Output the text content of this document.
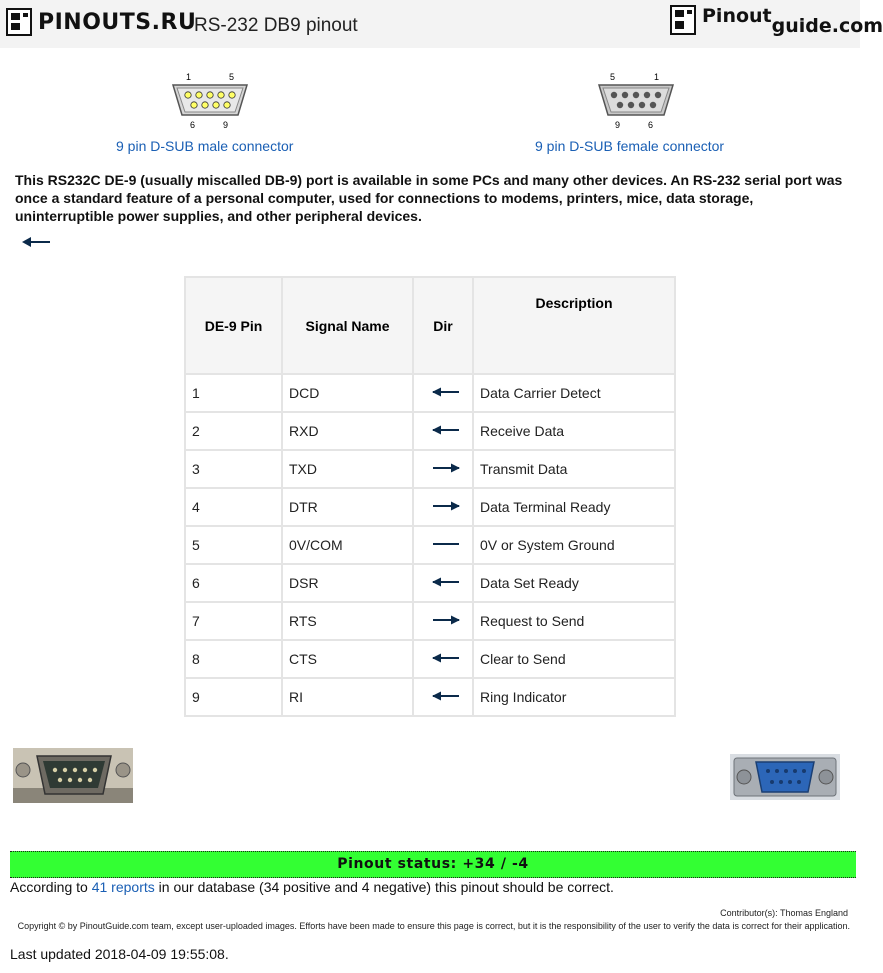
PINOUTS.RU
RS-232 DB9 pinout	Pinout guide.com
1	5
6	9
9 pin D-SUB male connector
5	1
9	6
9 pin D-SUB female connector

This RS232C DE-9 (usually miscalled DB-9) port is available in some PCs and many other devices. An RS-232 serial port was once a standard feature of a personal computer, used for connections to modems, printers, mice, data storage, uninterruptible power supplies, and other peripheral devices.

DE-9 Pin	Signal Name	Dir	Description
1	DCD		Data Carrier Detect
2	RXD		Receive Data
3	TXD		Transmit Data
4	DTR		Data Terminal Ready
5	0V/COM		0V or System Ground
6	DSR		Data Set Ready
7	RTS		Request to Send
8	CTS		Clear to Send
9	RI		Ring Indicator
Pinout status: +34 / -4
According to 41 reports in our database (34 positive and 4 negative) this pinout should be correct.
Contributor(s): Thomas England
Copyright © by PinoutGuide.com team, except user-uploaded images. Efforts have been made to ensure this page is correct, but it is the responsibility of the user to verify the data is correct for their application.
Last updated 2018-04-09 19:55:08.
